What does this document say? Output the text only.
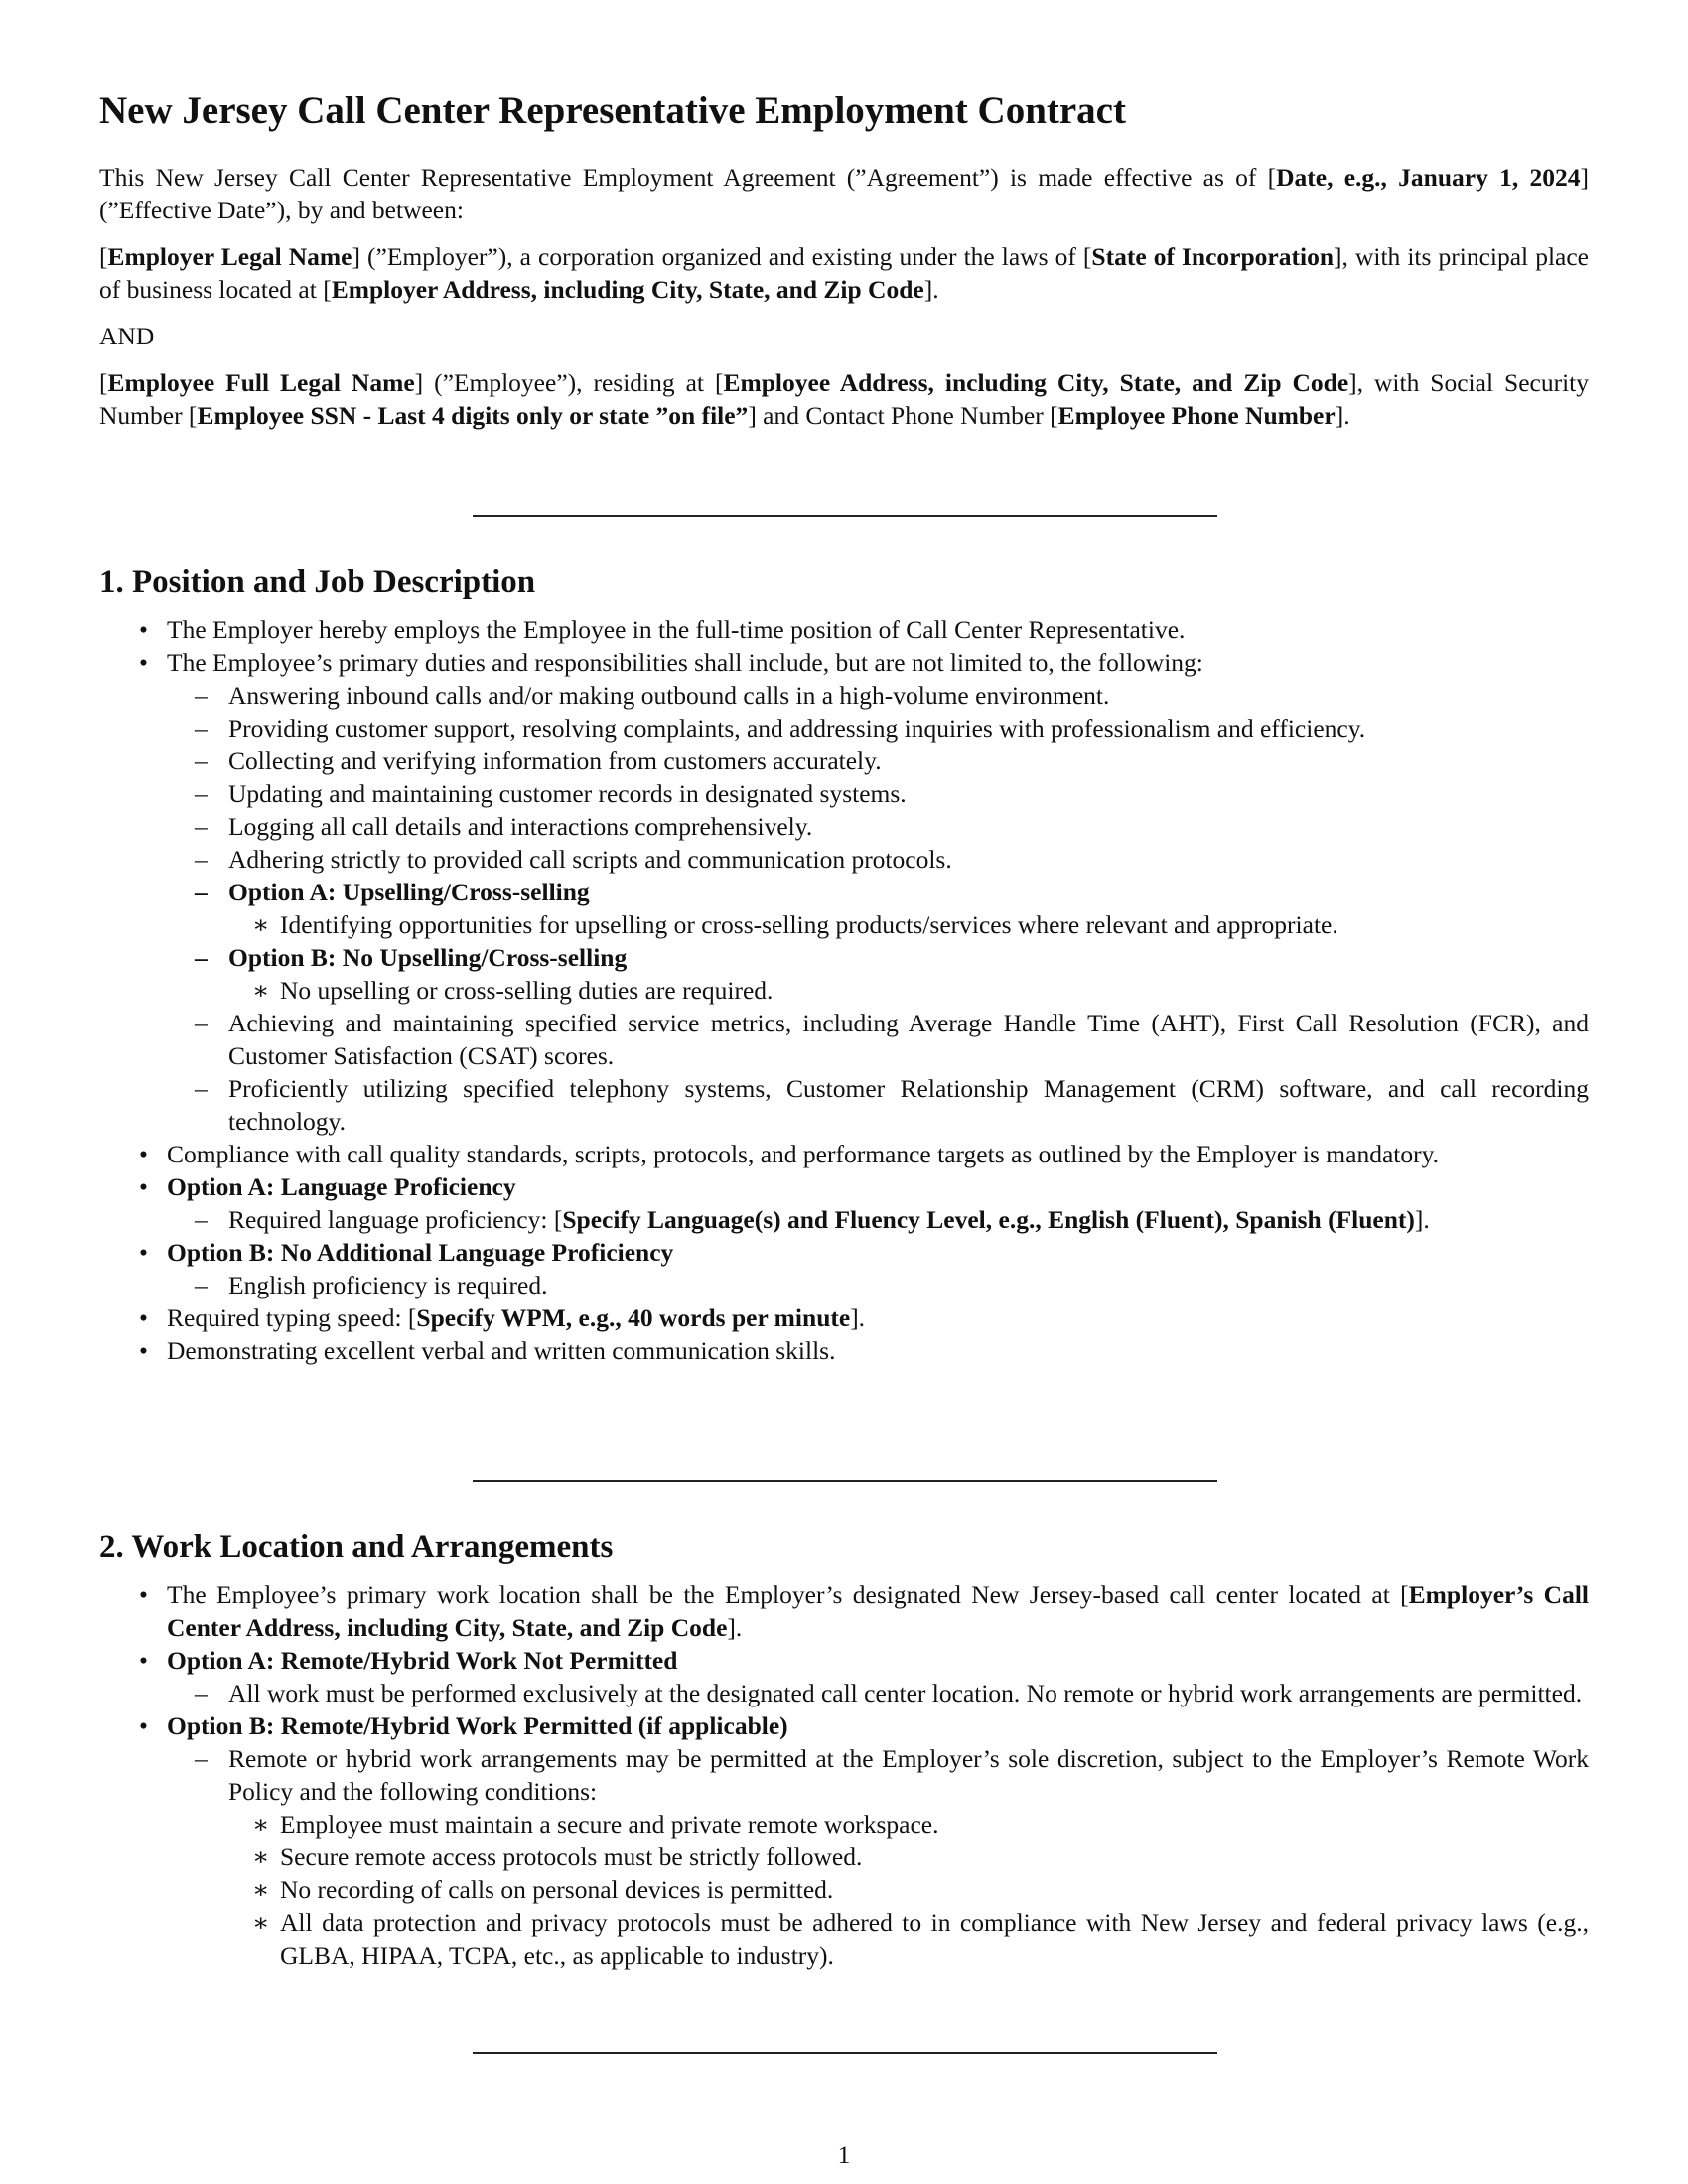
New Jersey Call Center Representative Employment Contract

This New Jersey Call Center Representative Employment Agreement (”Agreement”) is made effective as of [Date, e.g., January 1, 2024] (”Effective Date”), by and between:

[Employer Legal Name] (”Employer”), a corporation organized and existing under the laws of [State of Incorporation], with its principal place of business located at [Employer Address, including City, State, and Zip Code].

AND

[Employee Full Legal Name] (”Employee”), residing at [Employee Address, including City, State, and Zip Code], with Social Security Number [Employee SSN - Last 4 digits only or state ”on file”] and Contact Phone Number [Employee Phone Number].

1. Position and Job Description
• The Employer hereby employs the Employee in the full-time position of Call Center Representative.
• The Employee’s primary duties and responsibilities shall include, but are not limited to, the following:
– Answering inbound calls and/or making outbound calls in a high-volume environment.
– Providing customer support, resolving complaints, and addressing inquiries with professionalism and efficiency.
– Collecting and verifying information from customers accurately.
– Updating and maintaining customer records in designated systems.
– Logging all call details and interactions comprehensively.
– Adhering strictly to provided call scripts and communication protocols.
– Option A: Upselling/Cross-selling
∗ Identifying opportunities for upselling or cross-selling products/services where relevant and appropriate.
– Option B: No Upselling/Cross-selling
∗ No upselling or cross-selling duties are required.
– Achieving and maintaining specified service metrics, including Average Handle Time (AHT), First Call Resolution (FCR), and Customer Satisfaction (CSAT) scores.
– Proficiently utilizing specified telephony systems, Customer Relationship Management (CRM) software, and call recording technology.
• Compliance with call quality standards, scripts, protocols, and performance targets as outlined by the Employer is mandatory.
• Option A: Language Proficiency
– Required language proficiency: [Specify Language(s) and Fluency Level, e.g., English (Fluent), Spanish (Fluent)].
• Option B: No Additional Language Proficiency
– English proficiency is required.
• Required typing speed: [Specify WPM, e.g., 40 words per minute].
• Demonstrating excellent verbal and written communication skills.
2. Work Location and Arrangements
• The Employee’s primary work location shall be the Employer’s designated New Jersey-based call center located at [Employer’s Call Center Address, including City, State, and Zip Code].
• Option A: Remote/Hybrid Work Not Permitted
– All work must be performed exclusively at the designated call center location. No remote or hybrid work arrangements are permitted.
• Option B: Remote/Hybrid Work Permitted (if applicable)
– Remote or hybrid work arrangements may be permitted at the Employer’s sole discretion, subject to the Employer’s Remote Work Policy and the following conditions:
∗ Employee must maintain a secure and private remote workspace.
∗ Secure remote access protocols must be strictly followed.
∗ No recording of calls on personal devices is permitted.
∗ All data protection and privacy protocols must be adhered to in compliance with New Jersey and federal privacy laws (e.g., GLBA, HIPAA, TCPA, etc., as applicable to industry).
1
